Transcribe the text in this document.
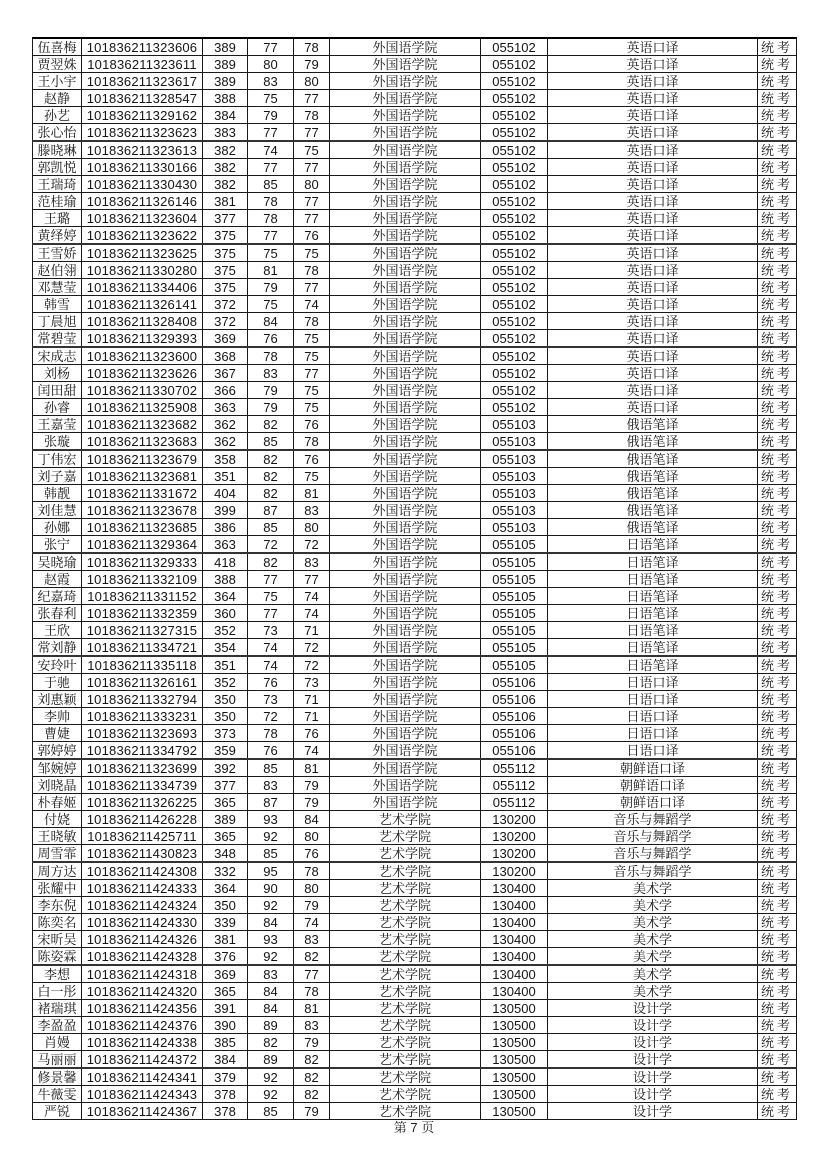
伍喜梅	101836211323606	389	77	78	外国语学院	055102	英语口译	统考
贾翌姝	101836211323611	389	80	79	外国语学院	055102	英语口译	统考
王小宇	101836211323617	389	83	80	外国语学院	055102	英语口译	统考
赵静	101836211328547	388	75	77	外国语学院	055102	英语口译	统考
孙艺	101836211329162	384	79	78	外国语学院	055102	英语口译	统考
张心怡	101836211323623	383	77	77	外国语学院	055102	英语口译	统考
滕晓琳	101836211323613	382	74	75	外国语学院	055102	英语口译	统考
郭凯悦	101836211330166	382	77	77	外国语学院	055102	英语口译	统考
王瑞琦	101836211330430	382	85	80	外国语学院	055102	英语口译	统考
范桂瑜	101836211326146	381	78	77	外国语学院	055102	英语口译	统考
王璐	101836211323604	377	78	77	外国语学院	055102	英语口译	统考
黄绎婷	101836211323622	375	77	76	外国语学院	055102	英语口译	统考
王雪娇	101836211323625	375	75	75	外国语学院	055102	英语口译	统考
赵伯翎	101836211330280	375	81	78	外国语学院	055102	英语口译	统考
邓慧莹	101836211334406	375	79	77	外国语学院	055102	英语口译	统考
韩雪	101836211326141	372	75	74	外国语学院	055102	英语口译	统考
丁晨旭	101836211328408	372	84	78	外国语学院	055102	英语口译	统考
常碧莹	101836211329393	369	76	75	外国语学院	055102	英语口译	统考
宋成志	101836211323600	368	78	75	外国语学院	055102	英语口译	统考
刘杨	101836211323626	367	83	77	外国语学院	055102	英语口译	统考
闰田甜	101836211330702	366	79	75	外国语学院	055102	英语口译	统考
孙睿	101836211325908	363	79	75	外国语学院	055102	英语口译	统考
王嘉莹	101836211323682	362	82	76	外国语学院	055103	俄语笔译	统考
张璇	101836211323683	362	85	78	外国语学院	055103	俄语笔译	统考
丁伟宏	101836211323679	358	82	76	外国语学院	055103	俄语笔译	统考
刘子嘉	101836211323681	351	82	75	外国语学院	055103	俄语笔译	统考
韩靓	101836211331672	404	82	81	外国语学院	055103	俄语笔译	统考
刘佳慧	101836211323678	399	87	83	外国语学院	055103	俄语笔译	统考
孙娜	101836211323685	386	85	80	外国语学院	055103	俄语笔译	统考
张宁	101836211329364	363	72	72	外国语学院	055105	日语笔译	统考
吴晓瑜	101836211329333	418	82	83	外国语学院	055105	日语笔译	统考
赵霞	101836211332109	388	77	77	外国语学院	055105	日语笔译	统考
纪嘉琦	101836211331152	364	75	74	外国语学院	055105	日语笔译	统考
张春利	101836211332359	360	77	74	外国语学院	055105	日语笔译	统考
王欣	101836211327315	352	73	71	外国语学院	055105	日语笔译	统考
常刘静	101836211334721	354	74	72	外国语学院	055105	日语笔译	统考
安玲叶	101836211335118	351	74	72	外国语学院	055105	日语笔译	统考
于驰	101836211326161	352	76	73	外国语学院	055106	日语口译	统考
刘惠颖	101836211332794	350	73	71	外国语学院	055106	日语口译	统考
李帅	101836211333231	350	72	71	外国语学院	055106	日语口译	统考
曹婕	101836211323693	373	78	76	外国语学院	055106	日语口译	统考
郭婷婷	101836211334792	359	76	74	外国语学院	055106	日语口译	统考
邹婉婷	101836211323699	392	85	81	外国语学院	055112	朝鲜语口译	统考
刘晓晶	101836211334739	377	83	79	外国语学院	055112	朝鲜语口译	统考
朴春姬	101836211326225	365	87	79	外国语学院	055112	朝鲜语口译	统考
付娆	101836211426228	389	93	84	艺术学院	130200	音乐与舞蹈学	统考
王晓敏	101836211425711	365	92	80	艺术学院	130200	音乐与舞蹈学	统考
周雪霏	101836211430823	348	85	76	艺术学院	130200	音乐与舞蹈学	统考
周方达	101836211424308	332	95	78	艺术学院	130200	音乐与舞蹈学	统考
张耀中	101836211424333	364	90	80	艺术学院	130400	美术学	统考
李东倪	101836211424324	350	92	79	艺术学院	130400	美术学	统考
陈奕名	101836211424330	339	84	74	艺术学院	130400	美术学	统考
宋昕吴	101836211424326	381	93	83	艺术学院	130400	美术学	统考
陈姿霖	101836211424328	376	92	82	艺术学院	130400	美术学	统考
李想	101836211424318	369	83	77	艺术学院	130400	美术学	统考
白一彤	101836211424320	365	84	78	艺术学院	130400	美术学	统考
褚瑞琪	101836211424356	391	84	81	艺术学院	130500	设计学	统考
李盈盈	101836211424376	390	89	83	艺术学院	130500	设计学	统考
肖嫚	101836211424338	385	82	79	艺术学院	130500	设计学	统考
马丽丽	101836211424372	384	89	82	艺术学院	130500	设计学	统考
修景馨	101836211424341	379	92	82	艺术学院	130500	设计学	统考
牛薇雯	101836211424343	378	92	82	艺术学院	130500	设计学	统考
严锐	101836211424367	378	85	79	艺术学院	130500	设计学	统考
第 7 页
